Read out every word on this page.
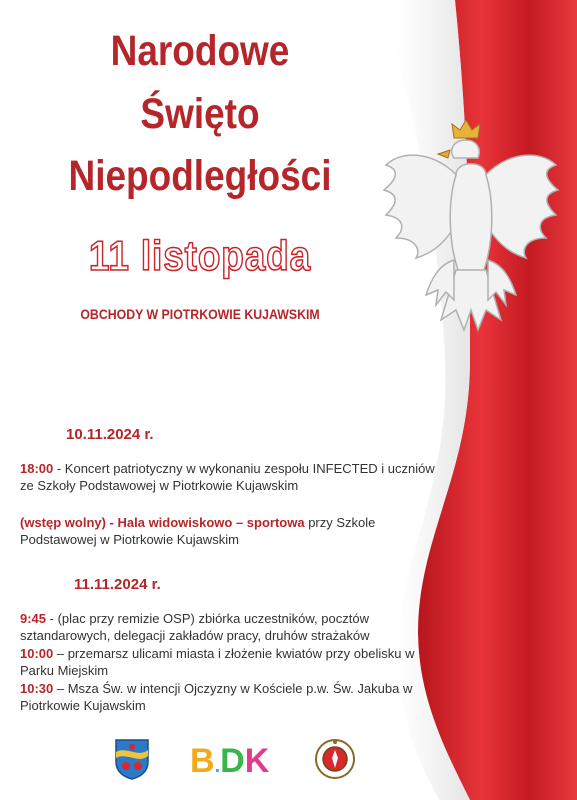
Narodowe
Święto
Niepodległości
11 listopada
OBCHODY W PIOTRKOWIE KUJAWSKIM
10.11.2024 r.
18:00 - Koncert patriotyczny w wykonaniu zespołu INFECTED i uczniów ze Szkoły Podstawowej w Piotrkowie Kujawskim
(wstęp wolny) - Hala widowiskowo – sportowa przy Szkole Podstawowej w Piotrkowie Kujawskim
11.11.2024 r.
9:45 - (plac przy remizie OSP) zbiórka uczestników, pocztów sztandarowych, delegacji zakładów pracy, druhów strażaków
10:00 – przemarsz ulicami miasta i złożenie kwiatów przy obelisku w Parku Miejskim
10:30 – Msza Św. w intencji Ojczyzny w Kościele p.w. Św. Jakuba w Piotrkowie Kujawskim
B.DK
